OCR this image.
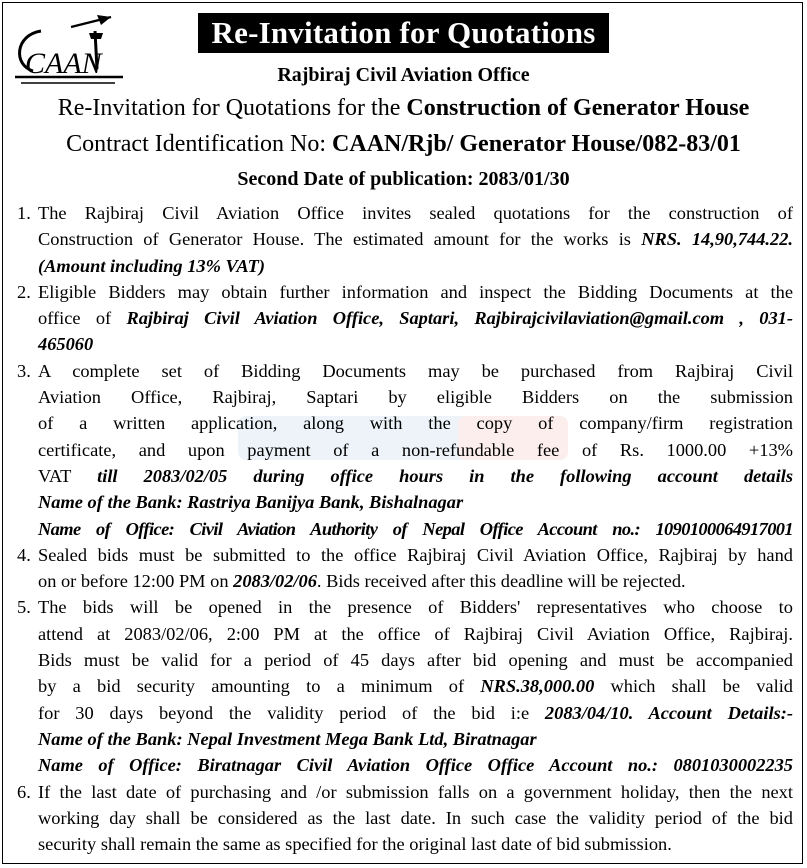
CAAN
Re-Invitation for Quotations
Rajbiraj Civil Aviation Office
Re-Invitation for Quotations for the Construction of Generator House
Contract Identification No: CAAN/Rjb/ Generator House/082-83/01
Second Date of publication: 2083/01/30
1. The Rajbiraj Civil Aviation Office invites sealed quotations for the construction of
Construction of Generator House. The estimated amount for the works is NRS. 14,90,744.22.
(Amount including 13% VAT)
2. Eligible Bidders may obtain further information and inspect the Bidding Documents at the
office of Rajbiraj Civil Aviation Office, Saptari, Rajbirajcivilaviation@gmail.com , 031-
465060
3. A complete set of Bidding Documents may be purchased from Rajbiraj Civil
Aviation Office, Rajbiraj, Saptari by eligible Bidders on the submission
of a written application, along with the copy of company/firm registration
certificate, and upon payment of a non-refundable fee of Rs. 1000.00 +13%
VAT till 2083/02/05 during office hours in the following account details
Name of the Bank: Rastriya Banijya Bank, Bishalnagar
Name of Office: Civil Aviation Authority of Nepal Office Account no.: 1090100064917001
4. Sealed bids must be submitted to the office Rajbiraj Civil Aviation Office, Rajbiraj by hand
on or before 12:00 PM on 2083/02/06. Bids received after this deadline will be rejected.
5. The bids will be opened in the presence of Bidders' representatives who choose to
attend at 2083/02/06, 2:00 PM at the office of Rajbiraj Civil Aviation Office, Rajbiraj.
Bids must be valid for a period of 45 days after bid opening and must be accompanied
by a bid security amounting to a minimum of NRS.38,000.00 which shall be valid
for 30 days beyond the validity period of the bid i:e 2083/04/10. Account Details:-
Name of the Bank: Nepal Investment Mega Bank Ltd, Biratnagar
Name of Office: Biratnagar Civil Aviation Office Office Account no.: 0801030002235
6. If the last date of purchasing and /or submission falls on a government holiday, then the next
working day shall be considered as the last date. In such case the validity period of the bid
security shall remain the same as specified for the original last date of bid submission.
